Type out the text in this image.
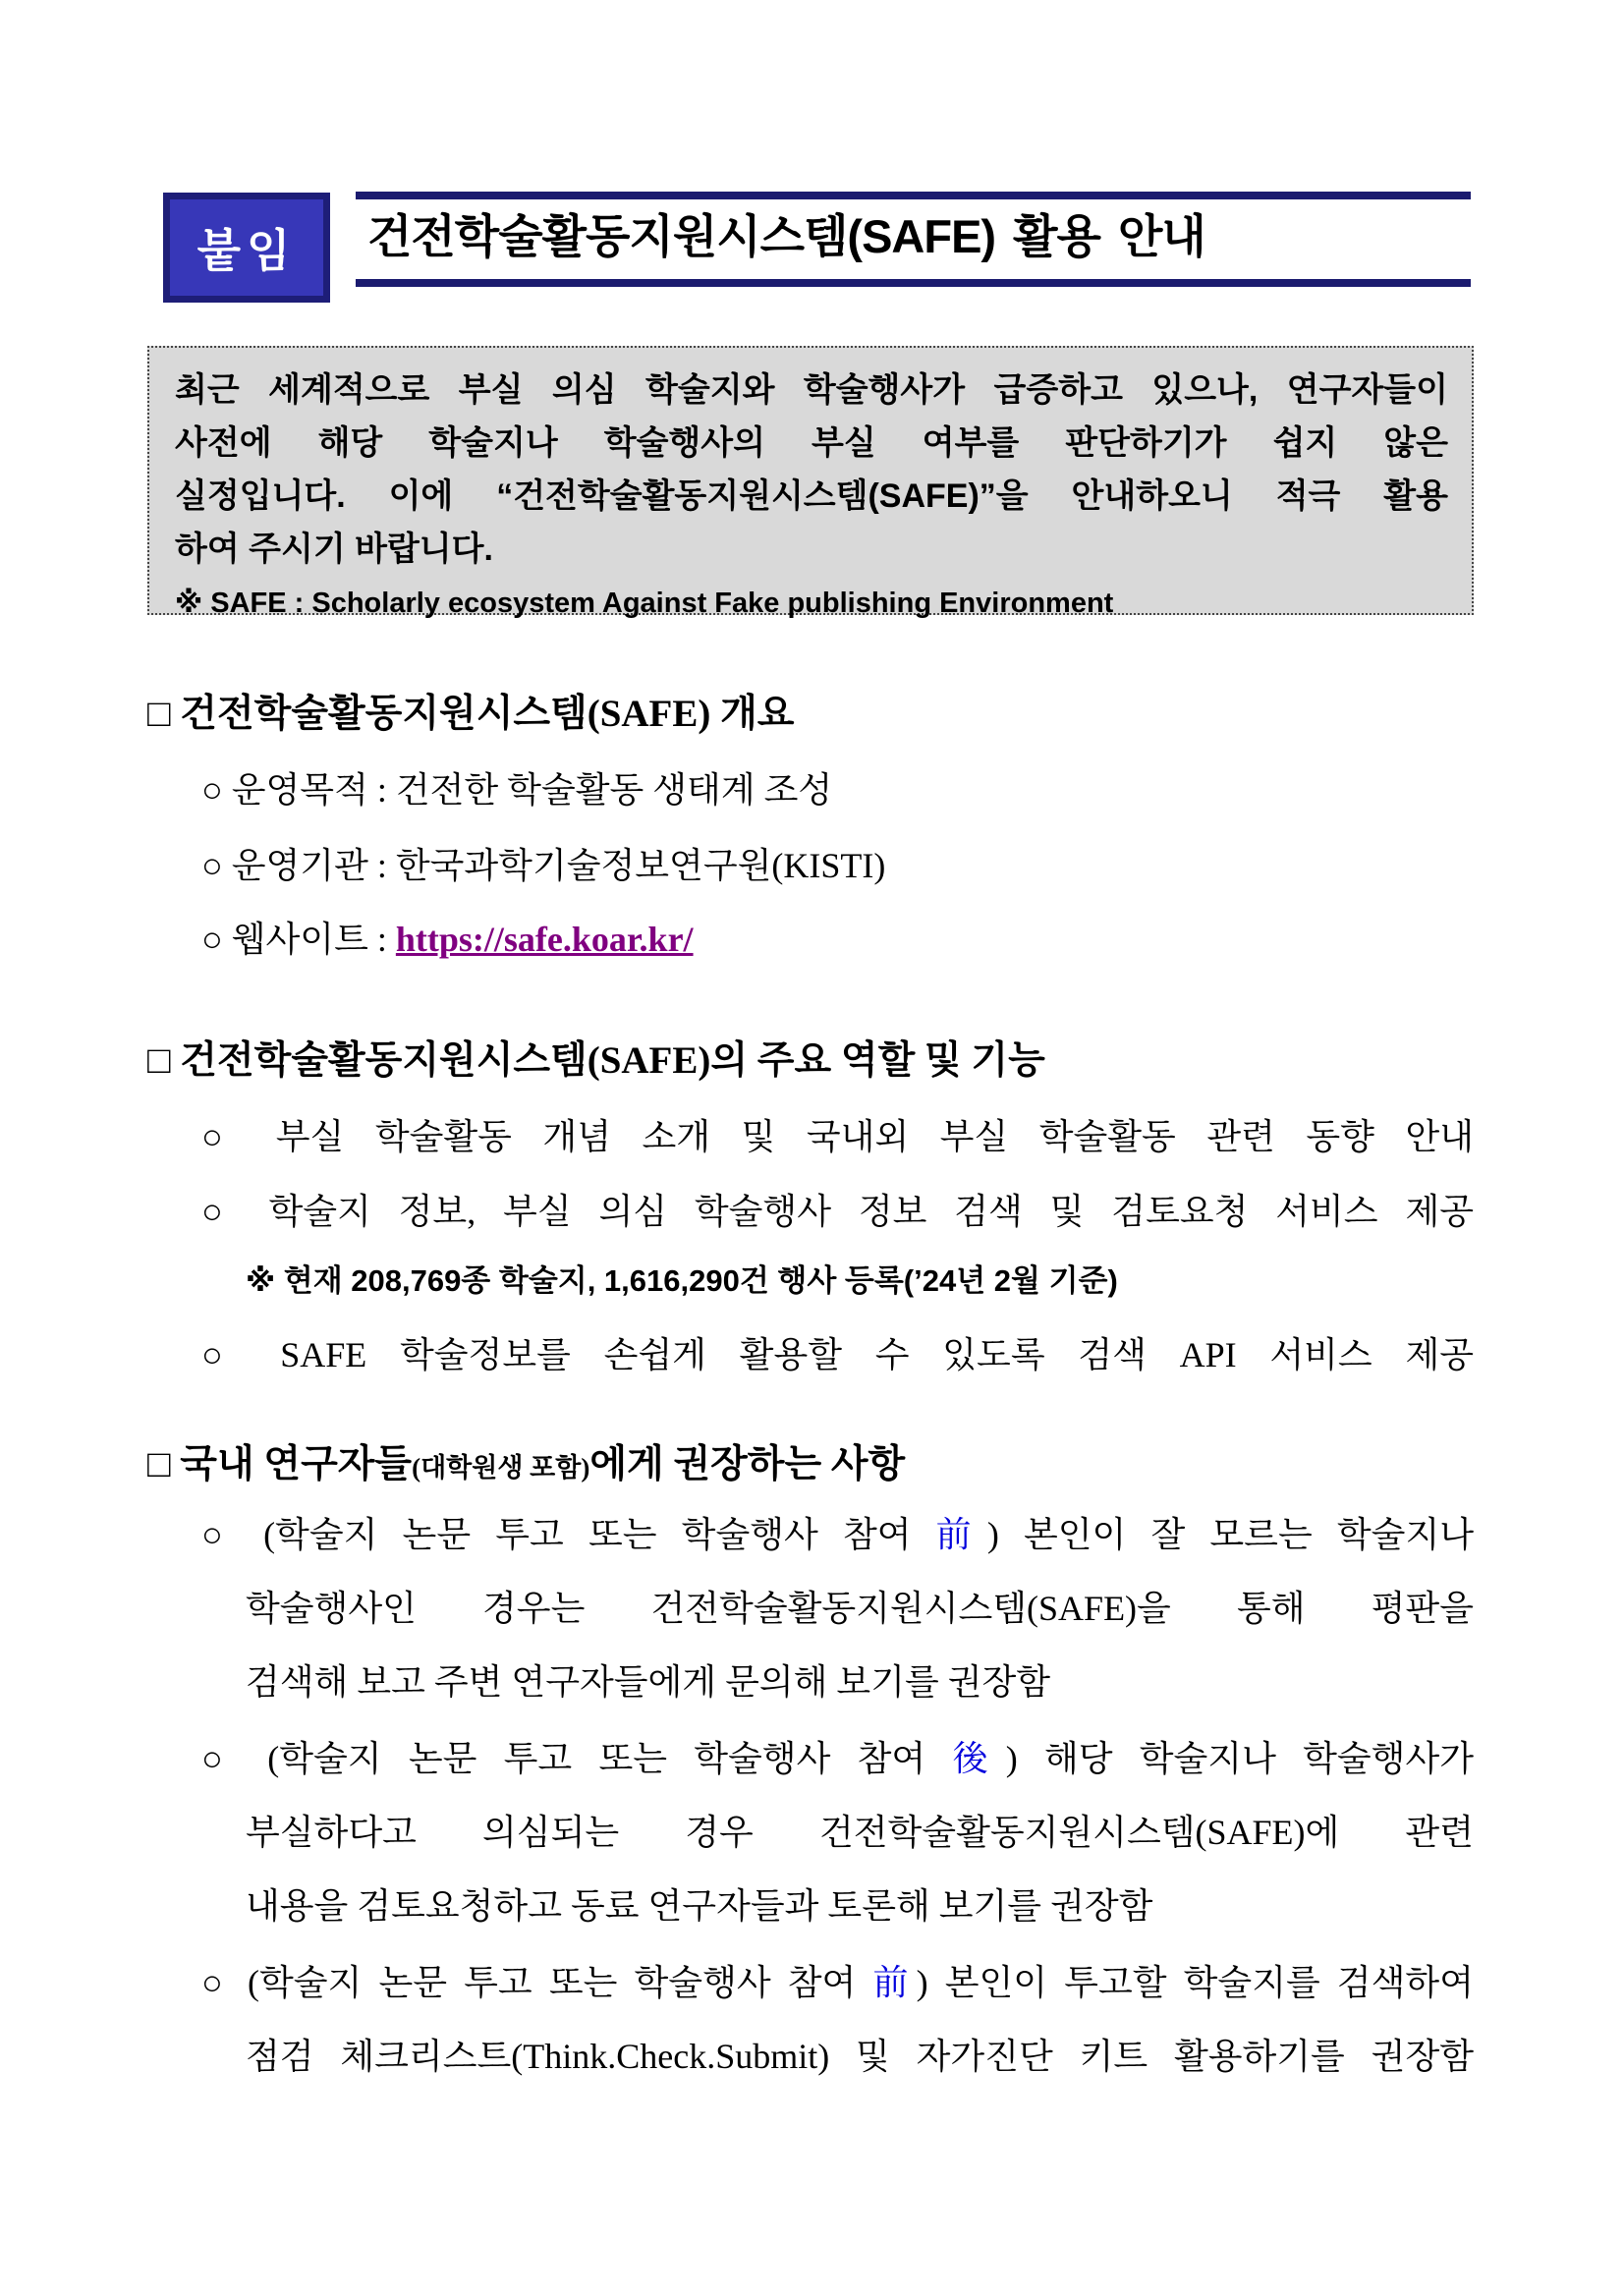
붙임 건전학술활동지원시스템(SAFE) 활용 안내
최근 세계적으로 부실 의심 학술지와 학술행사가 급증하고 있으나, 연구자들이
사전에 해당 학술지나 학술행사의 부실 여부를 판단하기가 쉽지 않은
실정입니다. 이에 “건전학술활동지원시스템(SAFE)”을 안내하오니 적극 활용
하여 주시기 바랍니다.
※ SAFE : Scholarly ecosystem Against Fake publishing Environment
□ 건전학술활동지원시스템(SAFE) 개요
○ 운영목적 : 건전한 학술활동 생태계 조성
○ 운영기관 : 한국과학기술정보연구원(KISTI)
○ 웹사이트 : https://safe.koar.kr/
□ 건전학술활동지원시스템(SAFE)의 주요 역할 및 기능
○ 부실 학술활동 개념 소개 및 국내외 부실 학술활동 관련 동향 안내
○ 학술지 정보, 부실 의심 학술행사 정보 검색 및 검토요청 서비스 제공
※ 현재 208,769종 학술지, 1,616,290건 행사 등록(’24년 2월 기준)
○ SAFE 학술정보를 손쉽게 활용할 수 있도록 검색 API 서비스 제공
□ 국내 연구자들(대학원생 포함)에게 권장하는 사항
○ (학술지 논문 투고 또는 학술행사 참여 前) 본인이 잘 모르는 학술지나
학술행사인 경우는 건전학술활동지원시스템(SAFE)을 통해 평판을
검색해 보고 주변 연구자들에게 문의해 보기를 권장함
○ (학술지 논문 투고 또는 학술행사 참여 後) 해당 학술지나 학술행사가
부실하다고 의심되는 경우 건전학술활동지원시스템(SAFE)에 관련
내용을 검토요청하고 동료 연구자들과 토론해 보기를 권장함
○ (학술지 논문 투고 또는 학술행사 참여 前) 본인이 투고할 학술지를 검색하여
점검 체크리스트(Think.Check.Submit) 및 자가진단 키트 활용하기를 권장함
